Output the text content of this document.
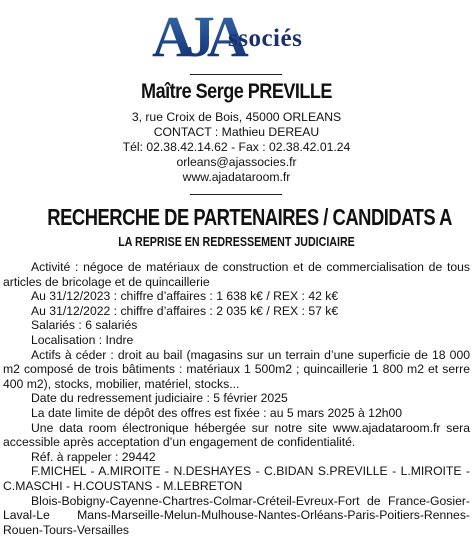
AJA
ssociés
Maître Serge PREVILLE
3, rue Croix de Bois, 45000 ORLEANS
CONTACT : Mathieu DEREAU
Tél: 02.38.42.14.62 - Fax : 02.38.42.01.24
orleans@ajassocies.fr
www.ajadataroom.fr
RECHERCHE DE PARTENAIRES / CANDIDATS A
LA REPRISE EN REDRESSEMENT JUDICIAIRE

Activité : négoce de matériaux de construction et de commercialisation de tous articles de bricolage et de quincaillerie

Au 31/12/2023 : chiffre d’affaires : 1 638 k€ / REX : 42 k€

Au 31/12/2022 : chiffre d’affaires : 2 035 k€ / REX : 57 k€

Salariés : 6 salariés

Localisation : Indre

Actifs à céder : droit au bail (magasins sur un terrain d’une superficie de 18 000 m2 composé de trois bâtiments : matériaux 1 500m2 ; quincaillerie 1 800 m2 et serre 400 m2), stocks, mobilier, matériel, stocks...

Date du redressement judiciaire : 5 février 2025

La date limite de dépôt des offres est fixée : au 5 mars 2025 à 12h00

Une data room électronique hébergée sur notre site www.ajadataroom.fr sera accessible après acceptation d’un engagement de confidentialité.

Réf. à rappeler : 29442

F.MICHEL - A.MIROITE - N.DESHAYES - C.BIDAN S.PREVILLE - L.MIROITE - C.MASCHI - H.COUSTANS - M.LEBRETON

Blois-Bobigny-Cayenne-Chartres-Colmar-Créteil-Evreux-Fort de France-Gosier-Laval-Le Mans-Marseille-Melun-Mulhouse-Nantes-Orléans-Paris-Poitiers-Rennes-Rouen-Tours-Versailles
